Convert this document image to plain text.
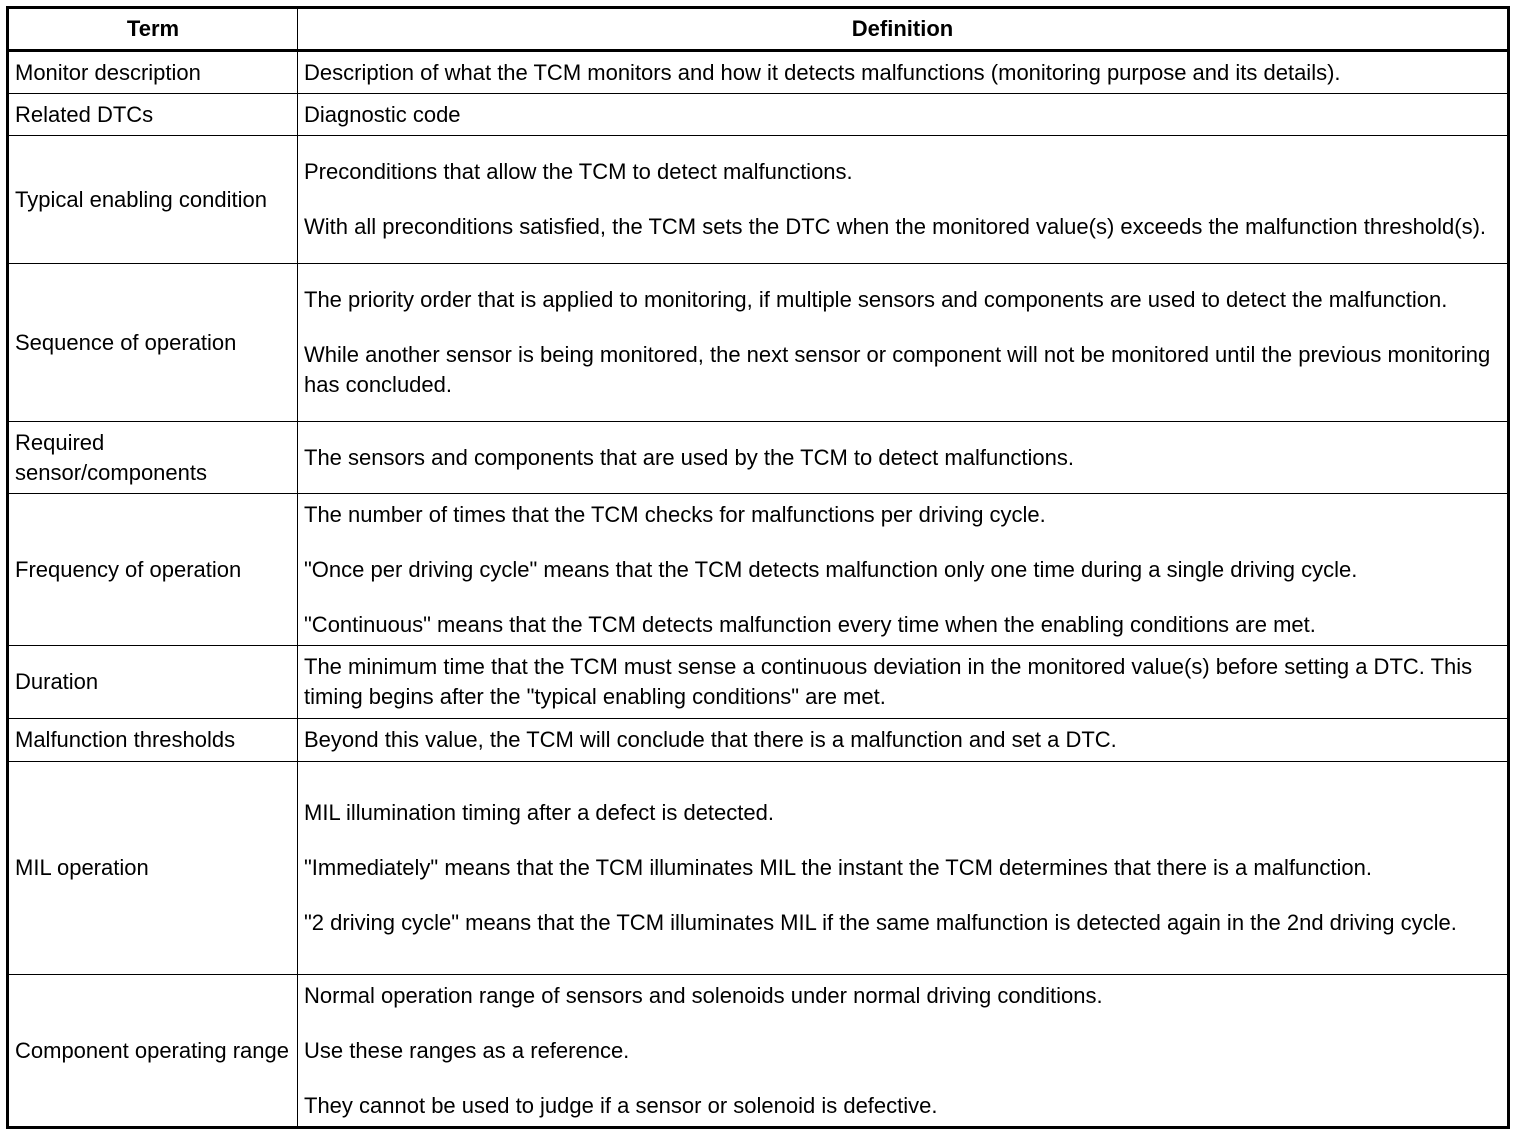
Term	Definition
Monitor description	Description of what the TCM monitors and how it detects malfunctions (monitoring purpose and its details).

Related DTCs	Diagnostic code

Typical enabling condition	Preconditions that allow the TCM to detect malfunctions.

With all preconditions satisfied, the TCM sets the DTC when the monitored value(s) exceeds the malfunction threshold(s).

Sequence of operation	The priority order that is applied to monitoring, if multiple sensors and components are used to detect the malfunction.

While another sensor is being monitored, the next sensor or component will not be monitored until the previous monitoring has concluded.

Required sensor/components	The sensors and components that are used by the TCM to detect malfunctions.

Frequency of operation	The number of times that the TCM checks for malfunctions per driving cycle.

"Once per driving cycle" means that the TCM detects malfunction only one time during a single driving cycle.

"Continuous" means that the TCM detects malfunction every time when the enabling conditions are met.

Duration	The minimum time that the TCM must sense a continuous deviation in the monitored value(s) before setting a DTC. This timing begins after the "typical enabling conditions" are met.

Malfunction thresholds	Beyond this value, the TCM will conclude that there is a malfunction and set a DTC.

MIL operation	MIL illumination timing after a defect is detected.

"Immediately" means that the TCM illuminates MIL the instant the TCM determines that there is a malfunction.

"2 driving cycle" means that the TCM illuminates MIL if the same malfunction is detected again in the 2nd driving cycle.

Component operating range	Normal operation range of sensors and solenoids under normal driving conditions.

Use these ranges as a reference.

They cannot be used to judge if a sensor or solenoid is defective.
